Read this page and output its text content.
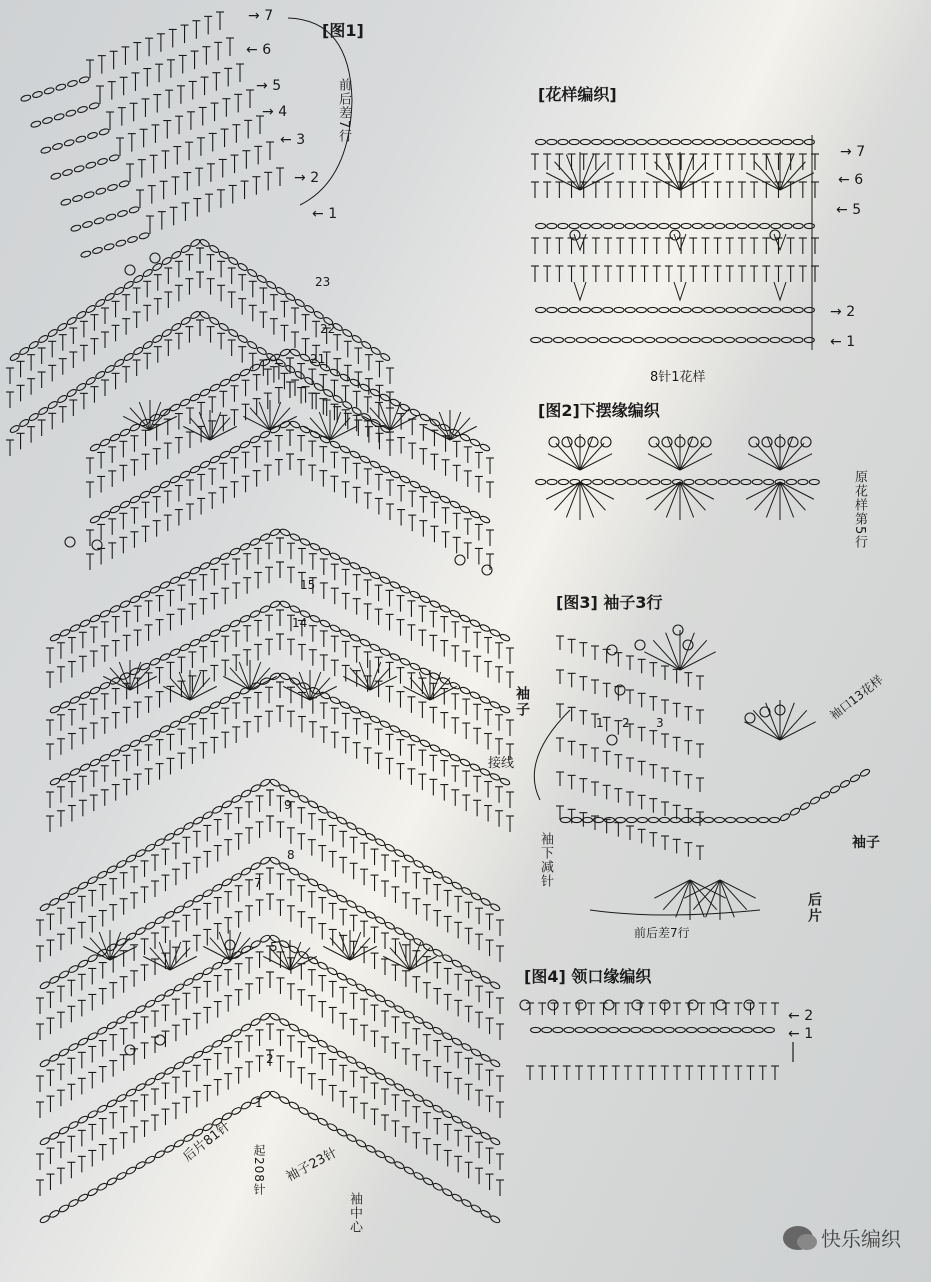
[图1]
前后差7行
→ 7
← 6
→ 5
→ 4
← 3
→ 2
← 1
23
22
21
15
14
9
8
7
5
2
1
后片81针
起208针 袖子23针
袖中心
[花样编织]
→ 7
← 6
← 5
→ 2
← 1
8针1花样
[图2]下摆缘编织
原花样第5行
[图3] 袖子3行
袖子
接线
袖下减针
袖口13花样
袖子
后片
前后差7行
1 2 3
[图4] 领口缘编织
← 2
← 1
快乐编织
